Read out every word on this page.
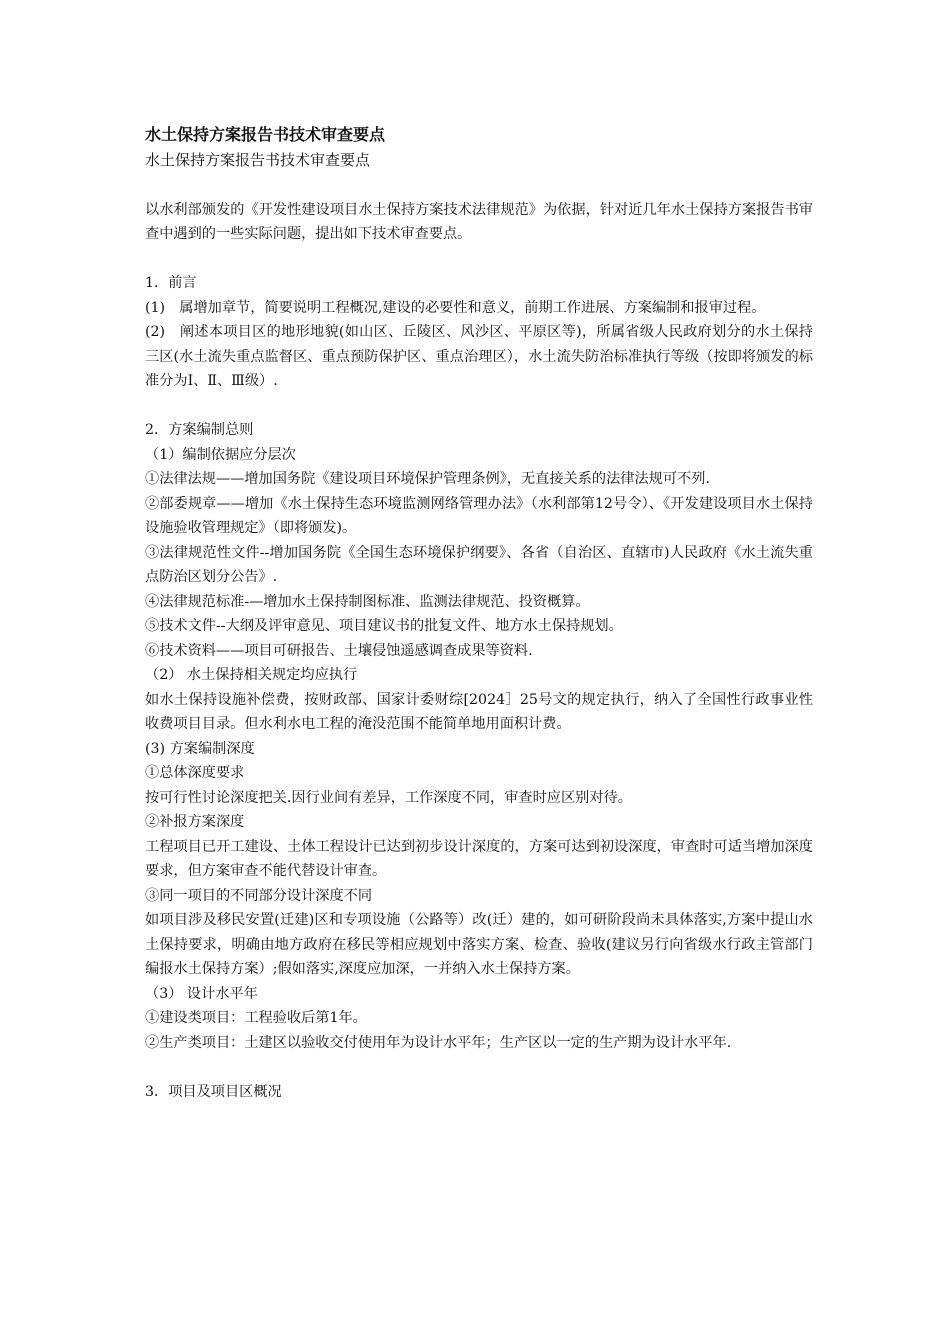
水土保持方案报告书技术审查要点
水土保持方案报告书技术审查要点
以水利部颁发的《开发性建设项目水土保持方案技术法律规范》为依据，针对近几年水土保持方案报告书审查中遇到的一些实际问题，提出如下技术审查要点。
1．前言
(1)　属增加章节，简要说明工程概况,建设的必要性和意义，前期工作进展、方案编制和报审过程。
(2)　阐述本项目区的地形地貌(如山区、丘陵区、风沙区、平原区等)，所属省级人民政府划分的水土保持三区(水土流失重点监督区、重点预防保护区、重点治理区），水土流失防治标准执行等级（按即将颁发的标准分为Ⅰ、Ⅱ、Ⅲ级）.
2．方案编制总则
（1）编制依据应分层次
①法律法规——增加国务院《建设项目环境保护管理条例》，无直接关系的法律法规可不列.
②部委规章——增加《水土保持生态环境监测网络管理办法》（水利部第12号令）、《开发建设项目水土保持设施验收管理规定》（即将颁发)。
③法律规范性文件--增加国务院《全国生态环境保护纲要》、各省（自治区、直辖市)人民政府《水土流失重点防治区划分公告》.
④法律规范标准-—增加水土保持制图标准、监测法律规范、投资概算。
⑤技术文件--大纲及评审意见、项目建议书的批复文件、地方水土保持规划。
⑥技术资料——项目可研报告、土壤侵蚀遥感调查成果等资料.
（2） 水土保持相关规定均应执行
如水土保持设施补偿费，按财政部、国家计委财综[2024］25号文的规定执行，纳入了全国性行政事业性收费项目目录。但水利水电工程的淹没范围不能简单地用面积计费。
(3) 方案编制深度
①总体深度要求
按可行性讨论深度把关.因行业间有差异，工作深度不同，审查时应区别对待。
②补报方案深度
工程项目已开工建设、土体工程设计已达到初步设计深度的，方案可达到初设深度，审查时可适当增加深度要求，但方案审查不能代替设计审查。
③同一项目的不同部分设计深度不同
如项目涉及移民安置(迁建)区和专项设施（公路等）改(迁）建的，如可研阶段尚未具体落实,方案中提山水土保持要求，明确由地方政府在移民等相应规划中落实方案、检查、验收(建议另行向省级水行政主管部门编报水土保持方案）;假如落实,深度应加深，一并纳入水土保持方案。
（3） 设计水平年
①建设类项目：工程验收后第1年。
②生产类项目：土建区以验收交付使用年为设计水平年；生产区以一定的生产期为设计水平年.
3．项目及项目区概况
